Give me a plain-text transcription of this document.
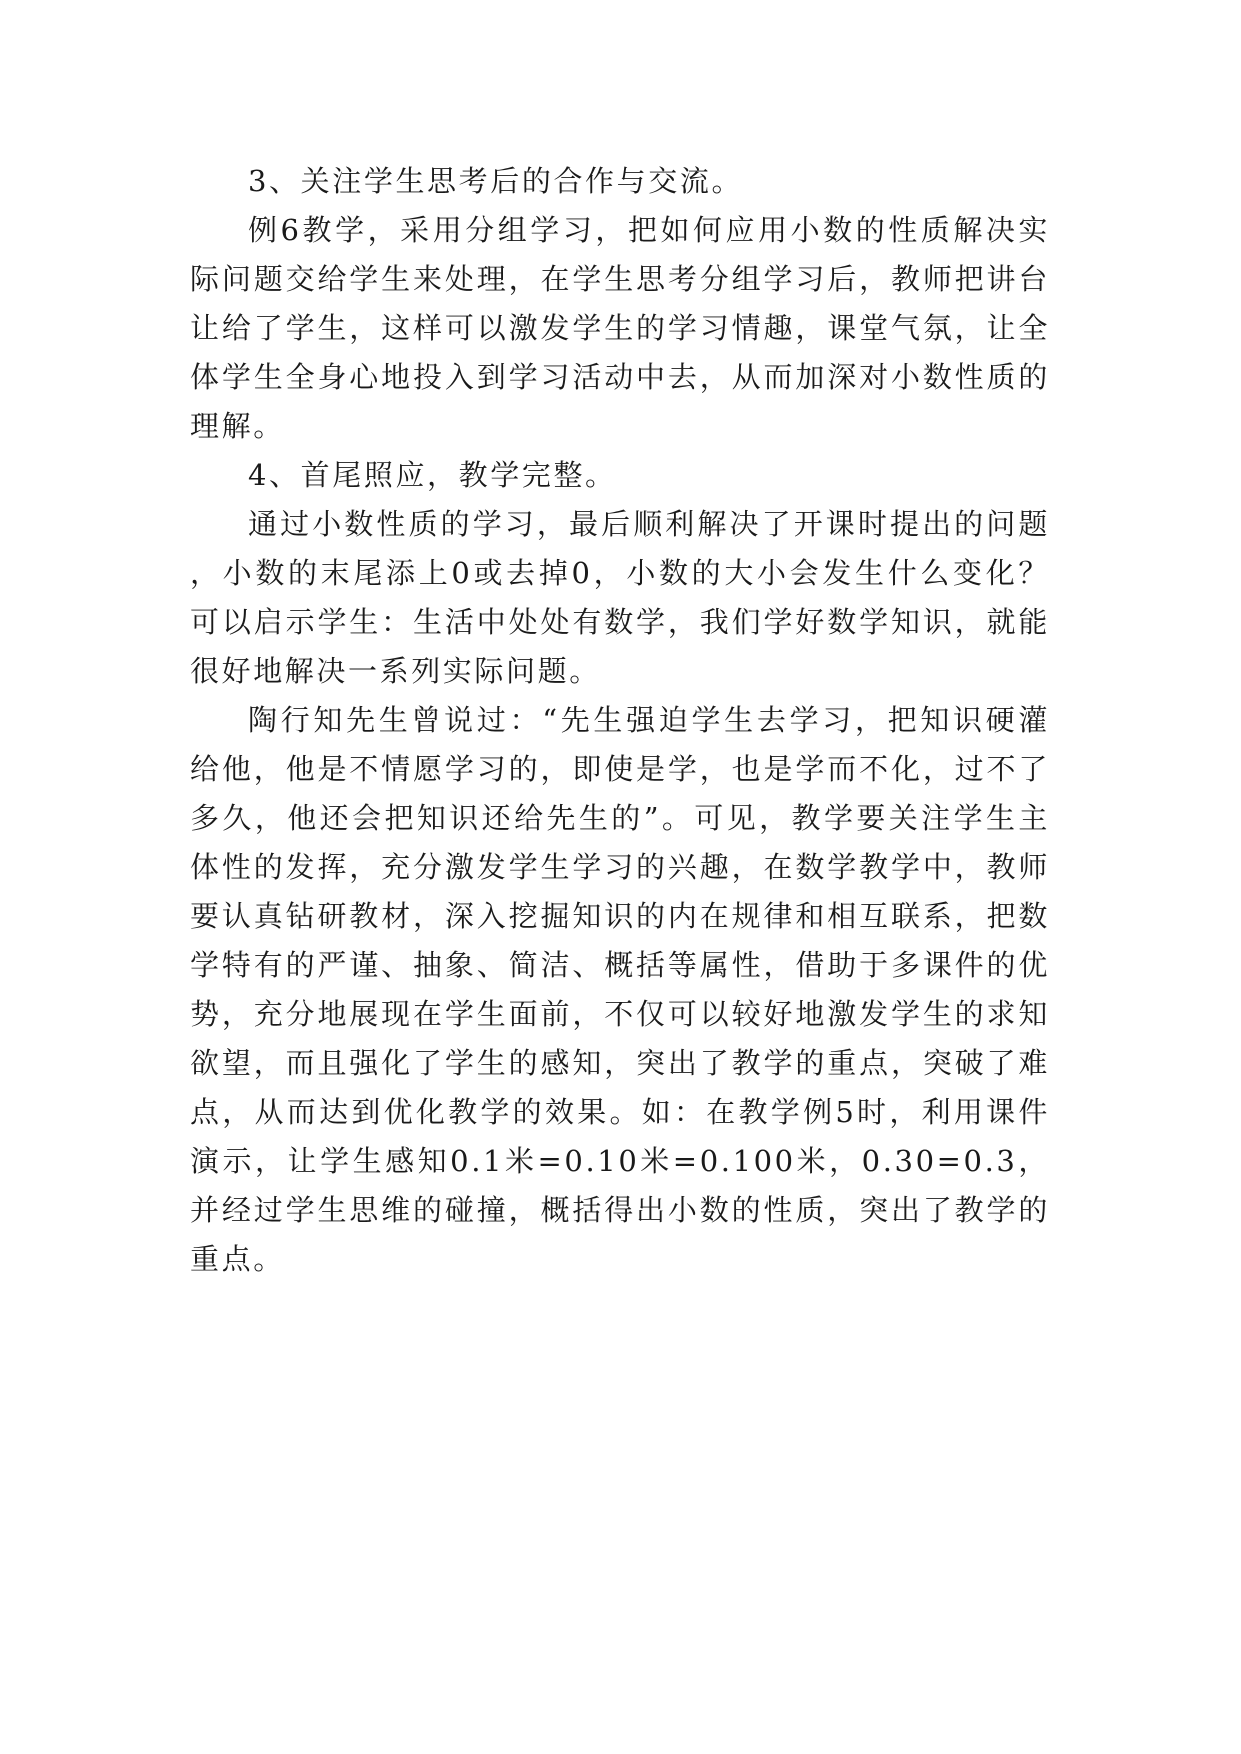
3、关注学生思考后的合作与交流。

例6教学，采用分组学习，把如何应用小数的性质解决实际问题交给学生来处理，在学生思考分组学习后，教师把讲台让给了学生，这样可以激发学生的学习情趣，课堂气氛，让全体学生全身心地投入到学习活动中去，从而加深对小数性质的理解。

4、首尾照应，教学完整。

通过小数性质的学习，最后顺利解决了开课时提出的问题，小数的末尾添上0或去掉0，小数的大小会发生什么变化？可以启示学生：生活中处处有数学，我们学好数学知识，就能很好地解决一系列实际问题。

陶行知先生曾说过：“先生强迫学生去学习，把知识硬灌给他，他是不情愿学习的，即使是学，也是学而不化，过不了多久，他还会把知识还给先生的”。可见，教学要关注学生主体性的发挥，充分激发学生学习的兴趣，在数学教学中，教师要认真钻研教材，深入挖掘知识的内在规律和相互联系，把数学特有的严谨、抽象、简洁、概括等属性，借助于多课件的优势，充分地展现在学生面前，不仅可以较好地激发学生的求知欲望，而且强化了学生的感知，突出了教学的重点，突破了难点，从而达到优化教学的效果。如：在教学例5时，利用课件演示，让学生感知0.1米=0.10米=0.100米，0.30=0.3，并经过学生思维的碰撞，概括得出小数的性质，突出了教学的重点。
